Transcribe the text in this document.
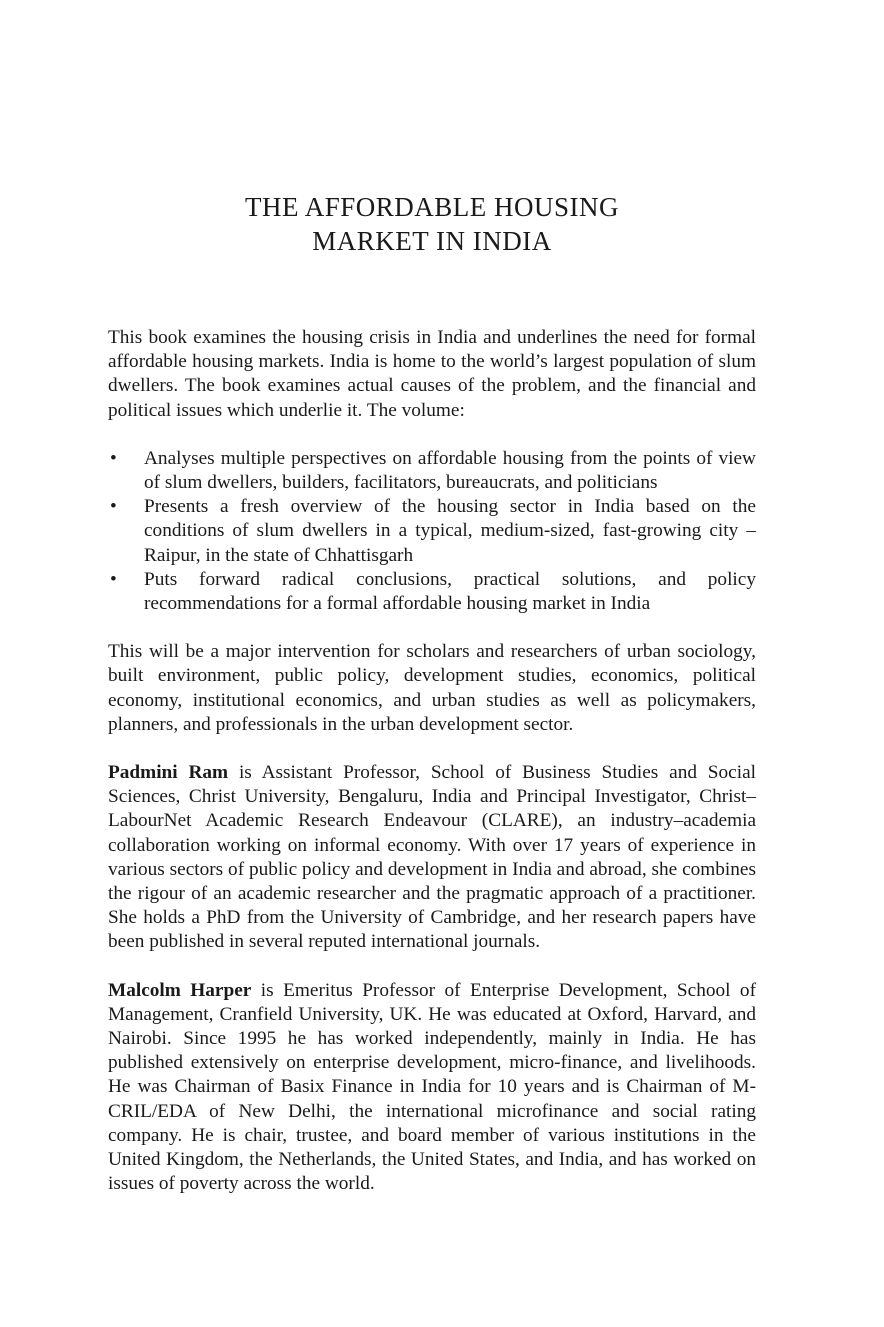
THE AFFORDABLE HOUSING
MARKET IN INDIA

This book examines the housing crisis in India and underlines the need for formal affordable housing markets. India is home to the world’s largest population of slum dwellers. The book examines actual causes of the problem, and the financial and political issues which underlie it. The volume:

• Analyses multiple perspectives on affordable housing from the points of view of slum dwellers, builders, facilitators, bureaucrats, and politicians
• Presents a fresh overview of the housing sector in India based on the conditions of slum dwellers in a typical, medium-sized, fast-growing city – Raipur, in the state of Chhattisgarh
• Puts forward radical conclusions, practical solutions, and policy recommendations for a formal affordable housing market in India

This will be a major intervention for scholars and researchers of urban sociology, built environment, public policy, development studies, economics, political economy, institutional economics, and urban studies as well as policymakers, planners, and professionals in the urban development sector.

Padmini Ram is Assistant Professor, School of Business Studies and Social Sciences, Christ University, Bengaluru, India and Principal Investigator, Christ–LabourNet Academic Research Endeavour (CLARE), an industry–academia collaboration working on informal economy. With over 17 years of experience in various sectors of public policy and development in India and abroad, she combines the rigour of an academic researcher and the pragmatic approach of a practitioner. She holds a PhD from the University of Cambridge, and her research papers have been published in several reputed international journals.

Malcolm Harper is Emeritus Professor of Enterprise Development, School of Management, Cranfield University, UK. He was educated at Oxford, Harvard, and Nairobi. Since 1995 he has worked independently, mainly in India. He has published extensively on enterprise development, micro-finance, and livelihoods. He was Chairman of Basix Finance in India for 10 years and is Chairman of M-CRIL/EDA of New Delhi, the international microfinance and social rating company. He is chair, trustee, and board member of various institutions in the United Kingdom, the Netherlands, the United States, and India, and has worked on issues of poverty across the world.
